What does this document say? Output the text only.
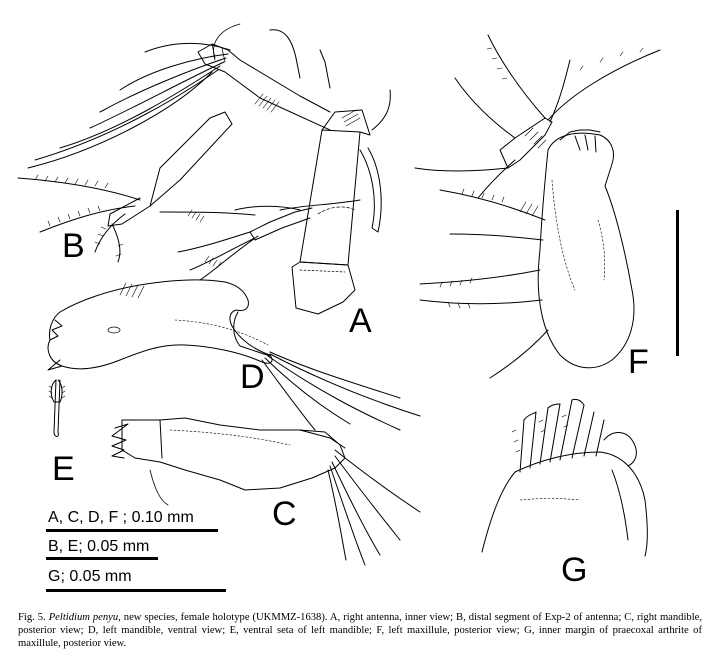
A
B
D
E
C
F
G
A, C, D, F ; 0.10 mm
B, E; 0.05 mm
G; 0.05 mm
Fig. 5. Peltidium penyu, new species, female holotype (UKMMZ-1638). A, right antenna, inner view; B, distal segment of Exp-2 of antenna; C, right mandible, posterior view; D, left mandible, ventral view; E, ventral seta of left mandible; F, left maxillule, posterior view; G, inner margin of praecoxal arthrite of maxillule, posterior view.
